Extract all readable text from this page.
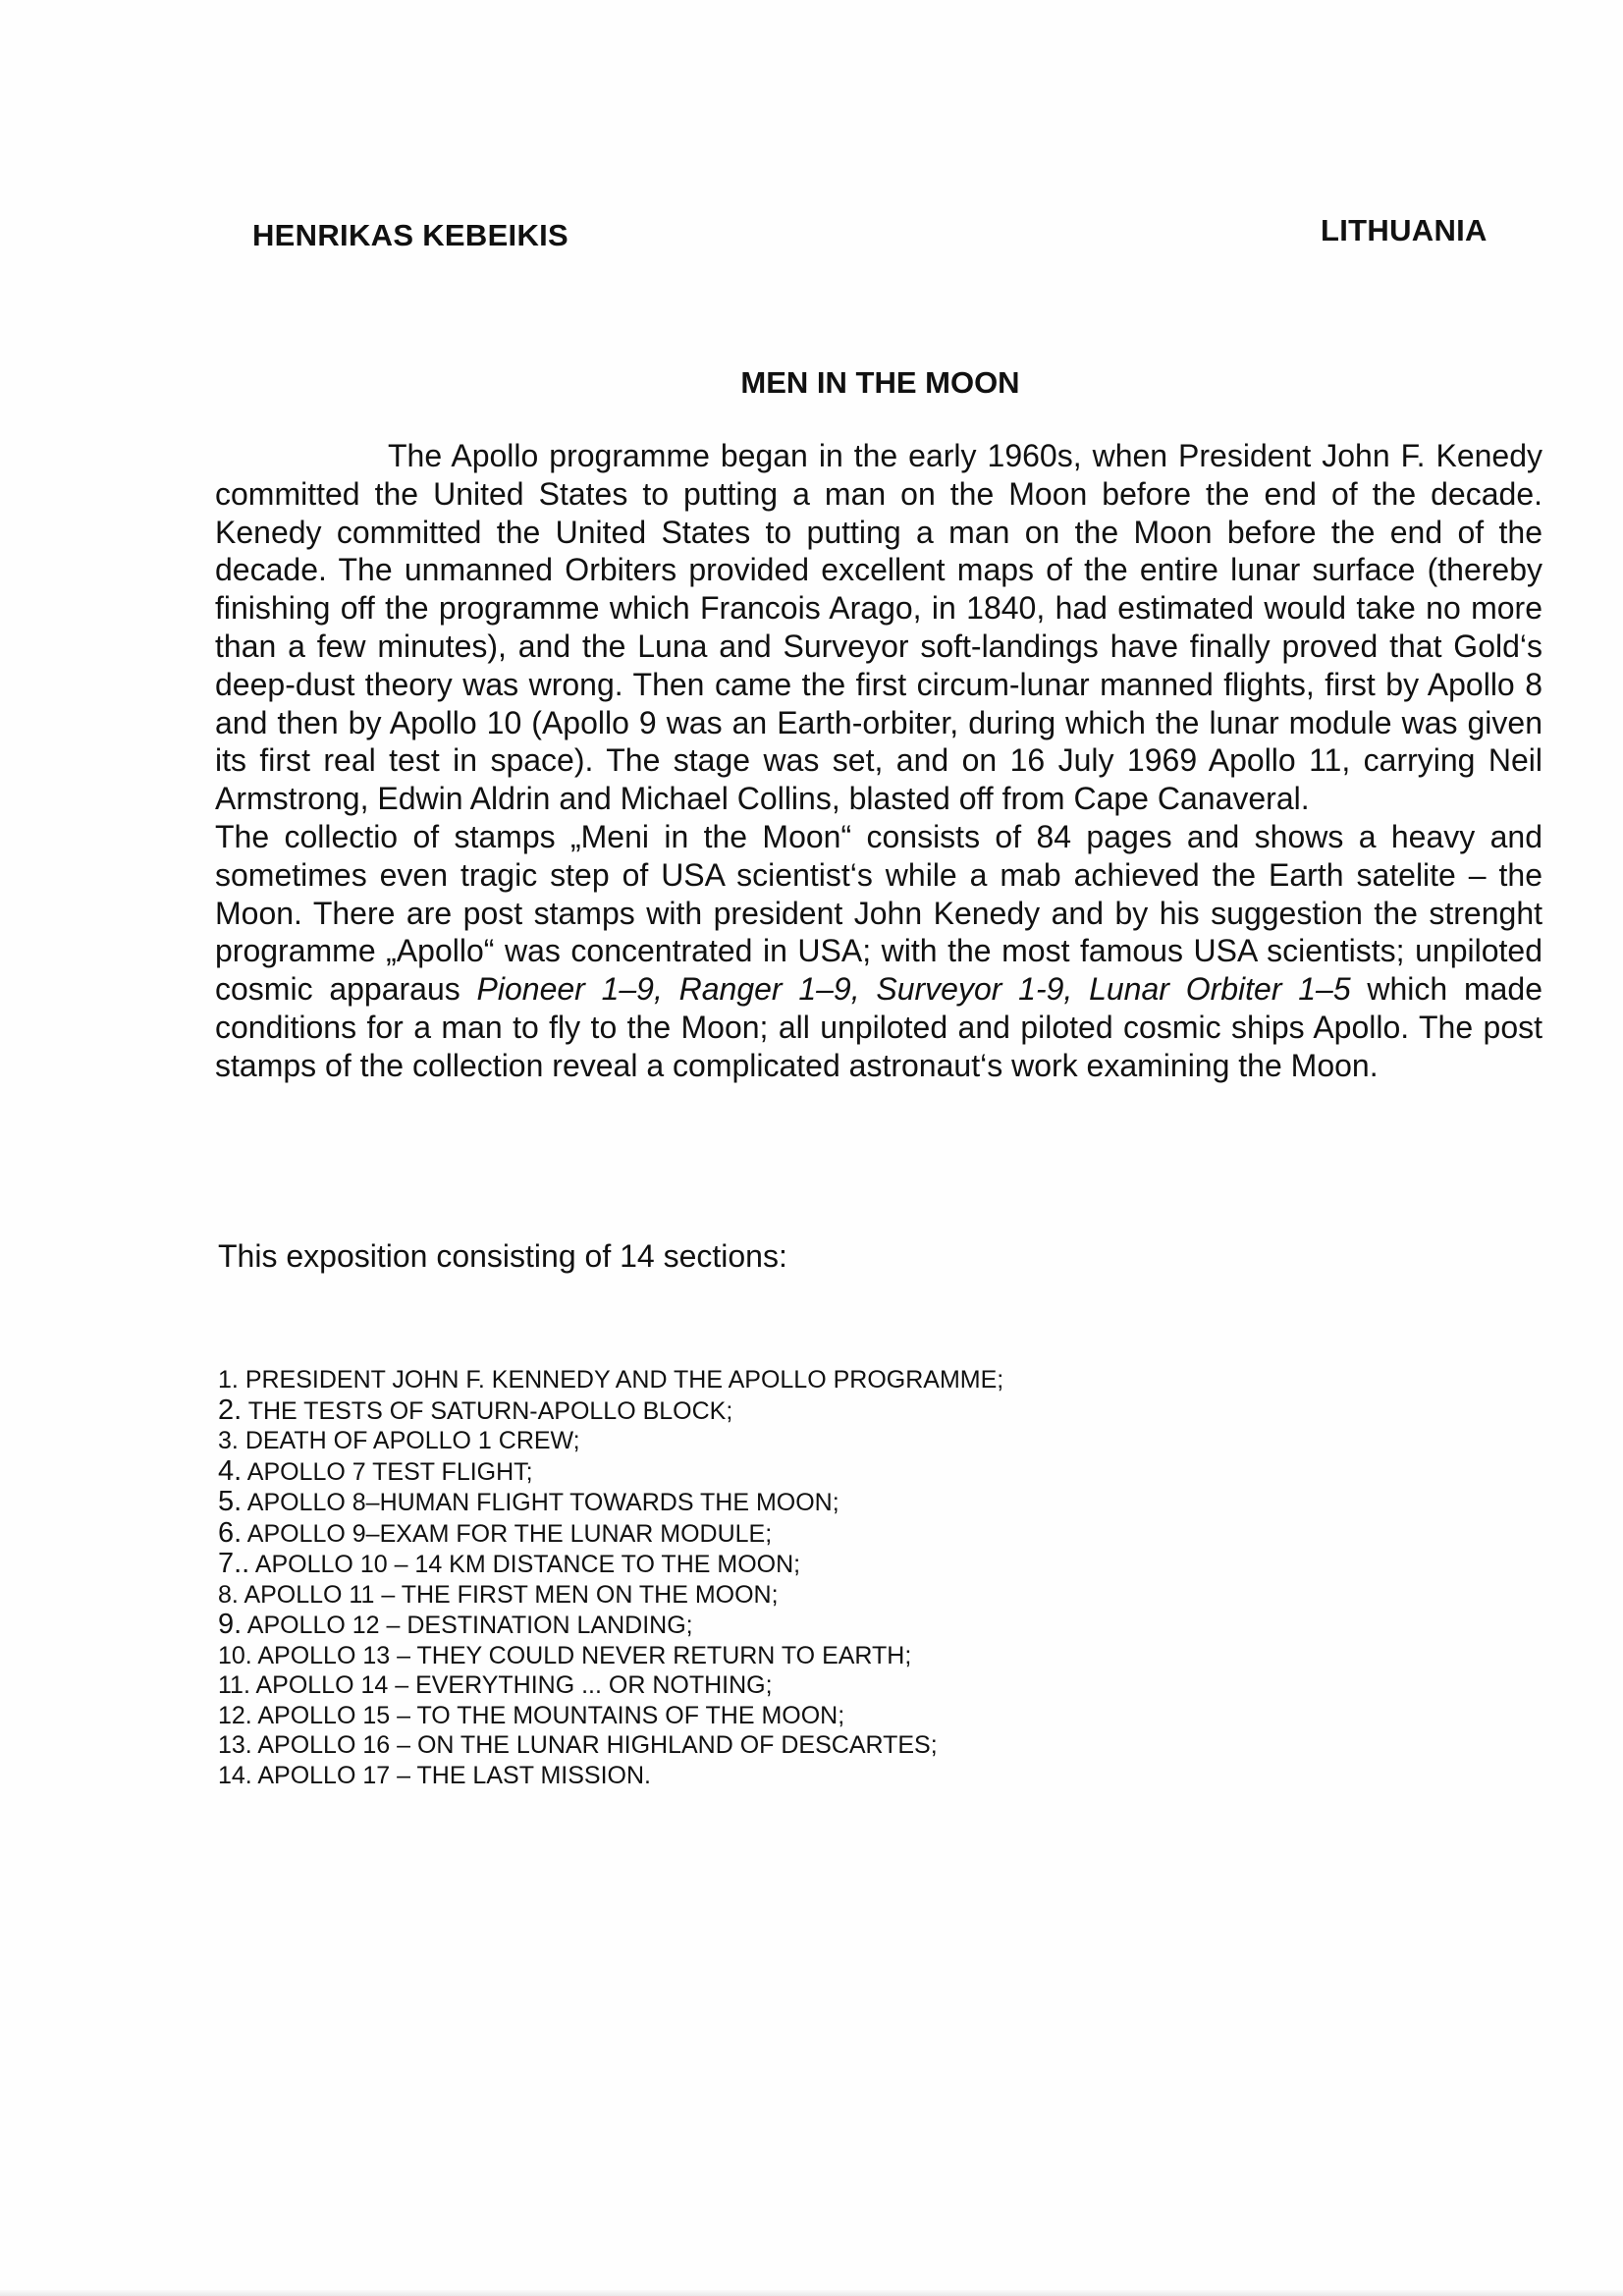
HENRIKAS KEBEIKIS	LITHUANIA
MEN IN THE MOON

The Apollo programme began in the early 1960s, when President John F. Kenedy committed the United States to putting a man on the Moon before the end of the decade. Kenedy committed the United States to putting a man on the Moon before the end of the decade. The unmanned Orbiters provided excellent maps of the entire lunar surface (thereby finishing off the programme which Francois Arago, in 1840, had estimated would take no more than a few minutes), and the Luna and Surveyor soft-landings have finally proved that Gold‘s deep-dust theory was wrong. Then came the first circum-lunar manned flights, first by Apollo 8 and then by Apollo 10 (Apollo 9 was an Earth-orbiter, during which the lunar module was given its first real test in space). The stage was set, and on 16 July 1969 Apollo 11, carrying Neil Armstrong, Edwin Aldrin and Michael Collins, blasted off from Cape Canaveral.

The collectio of stamps „Meni in the Moon“ consists of 84 pages and shows a heavy and sometimes even tragic step of USA scientist‘s while a mab achieved the Earth satelite – the Moon. There are post stamps with president John Kenedy and by his suggestion the strenght programme „Apollo“ was concentrated in USA; with the most famous USA scientists; unpiloted cosmic apparaus Pioneer 1–9, Ranger 1–9, Surveyor 1-9, Lunar Orbiter 1–5 which made conditions for a man to fly to the Moon; all unpiloted and piloted cosmic ships Apollo. The post stamps of the collection reveal a complicated astronaut‘s work examining the Moon.

This exposition consisting of 14 sections:
1. PRESIDENT JOHN F. KENNEDY AND THE APOLLO PROGRAMME;
2. THE TESTS OF SATURN-APOLLO BLOCK;
3. DEATH OF APOLLO 1 CREW;
4. APOLLO 7 TEST FLIGHT;
5. APOLLO 8–HUMAN FLIGHT TOWARDS THE MOON;
6. APOLLO 9–EXAM FOR THE LUNAR MODULE;
7.. APOLLO 10 – 14 KM DISTANCE TO THE MOON;
8. APOLLO 11 – THE FIRST MEN ON THE MOON;
9. APOLLO 12 – DESTINATION LANDING;
10. APOLLO 13 – THEY COULD NEVER RETURN TO EARTH;
11. APOLLO 14 – EVERYTHING ... OR NOTHING;
12. APOLLO 15 – TO THE MOUNTAINS OF THE MOON;
13. APOLLO 16 – ON THE LUNAR HIGHLAND OF DESCARTES;
14. APOLLO 17 – THE LAST MISSION.
